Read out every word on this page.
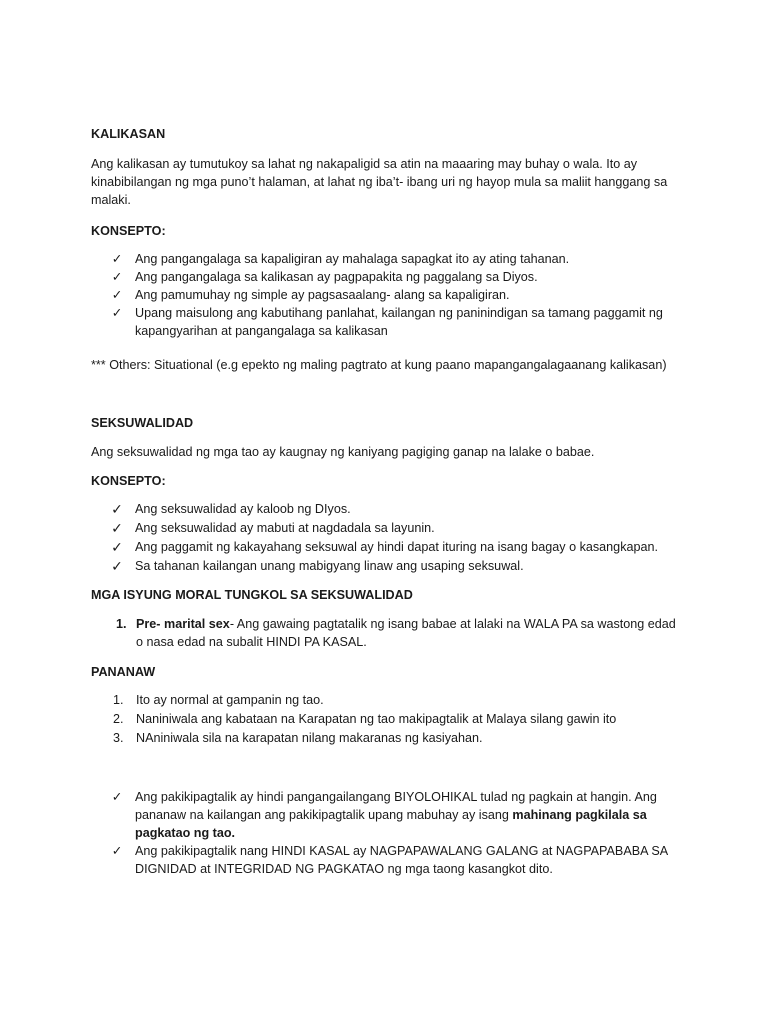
KALIKASAN

Ang kalikasan ay tumutukoy sa lahat ng nakapaligid sa atin na maaaring may buhay o wala. Ito ay kinabibilangan ng mga puno’t halaman, at lahat ng iba’t- ibang uri ng hayop mula sa maliit hanggang sa malaki.

KONSEPTO:

✓ Ang pangangalaga sa kapaligiran ay mahalaga sapagkat ito ay ating tahanan.
✓ Ang pangangalaga sa kalikasan ay pagpapakita ng paggalang sa Diyos.
✓ Ang pamumuhay ng simple ay pagsasaalang- alang sa kapaligiran.
✓ Upang maisulong ang kabutihang panlahat, kailangan ng paninindigan sa tamang paggamit ng kapangyarihan at pangangalaga sa kalikasan

*** Others: Situational (e.g epekto ng maling pagtrato at kung paano mapangangalagaanang kalikasan)

SEKSUWALIDAD

Ang seksuwalidad ng mga tao ay kaugnay ng kaniyang pagiging ganap na lalake o babae.

KONSEPTO:

✓ Ang seksuwalidad ay kaloob ng DIyos.
✓ Ang seksuwalidad ay mabuti at nagdadala sa layunin.
✓ Ang paggamit ng kakayahang seksuwal ay hindi dapat ituring na isang bagay o kasangkapan.
✓ Sa tahanan kailangan unang mabigyang linaw ang usaping seksuwal.

MGA ISYUNG MORAL TUNGKOL SA SEKSUWALIDAD

1. Pre- marital sex- Ang gawaing pagtatalik ng isang babae at lalaki na WALA PA sa wastong edad o nasa edad na subalit HINDI PA KASAL.

PANANAW

1. Ito ay normal at gampanin ng tao.
2. Naniniwala ang kabataan na Karapatan ng tao makipagtalik at Malaya silang gawin ito
3. NAniniwala sila na karapatan nilang makaranas ng kasiyahan.
✓ Ang pakikipagtalik ay hindi pangangailangang BIYOLOHIKAL tulad ng pagkain at hangin. Ang pananaw na kailangan ang pakikipagtalik upang mabuhay ay isang mahinang pagkilala sa pagkatao ng tao.
✓ Ang pakikipagtalik nang HINDI KASAL ay NAGPAPAWALANG GALANG at NAGPAPABABA SA DIGNIDAD at INTEGRIDAD NG PAGKATAO ng mga taong kasangkot dito.
